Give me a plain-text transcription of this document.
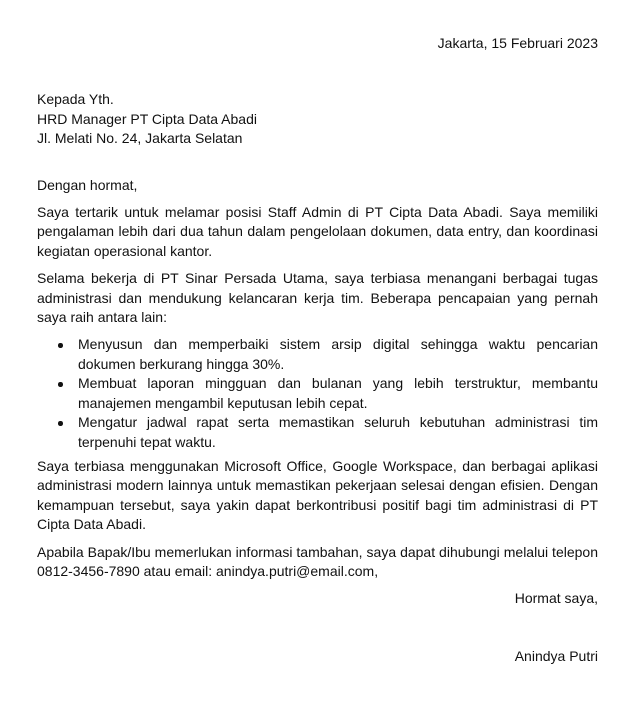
Jakarta, 15 Februari 2023

Kepada Yth.

HRD Manager PT Cipta Data Abadi

Jl. Melati No. 24, Jakarta Selatan

Dengan hormat,

Saya tertarik untuk melamar posisi Staff Admin di PT Cipta Data Abadi. Saya memiliki pengalaman lebih dari dua tahun dalam pengelolaan dokumen, data entry, dan koordinasi kegiatan operasional kantor.

Selama bekerja di PT Sinar Persada Utama, saya terbiasa menangani berbagai tugas administrasi dan mendukung kelancaran kerja tim. Beberapa pencapaian yang pernah saya raih antara lain:

Menyusun dan memperbaiki sistem arsip digital sehingga waktu pencarian dokumen berkurang hingga 30%.
Membuat laporan mingguan dan bulanan yang lebih terstruktur, membantu manajemen mengambil keputusan lebih cepat.
Mengatur jadwal rapat serta memastikan seluruh kebutuhan administrasi tim terpenuhi tepat waktu.

Saya terbiasa menggunakan Microsoft Office, Google Workspace, dan berbagai aplikasi administrasi modern lainnya untuk memastikan pekerjaan selesai dengan efisien. Dengan kemampuan tersebut, saya yakin dapat berkontribusi positif bagi tim administrasi di PT Cipta Data Abadi.

Apabila Bapak/Ibu memerlukan informasi tambahan, saya dapat dihubungi melalui telepon 0812-3456-7890 atau email: anindya.putri@email.com,

Hormat saya,

Anindya Putri
